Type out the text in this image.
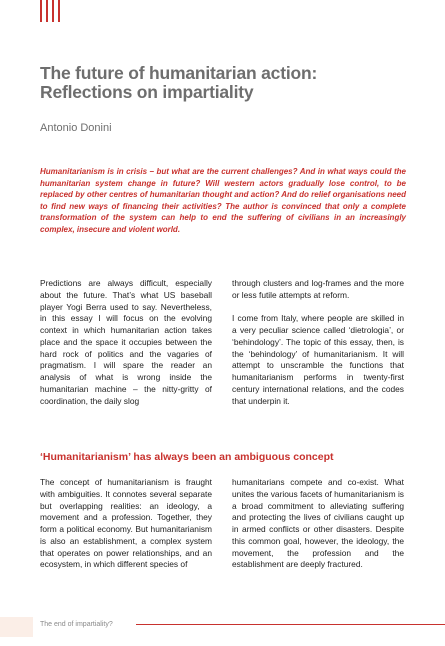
The future of humanitarian action:
Reflections on impartiality

Antonio Donini

Humanitarianism is in crisis – but what are the current challenges? And in what ways could the humanitarian system change in future? Will western actors gradually lose control, to be replaced by other centres of humanitarian thought and action? And do relief organisations need to find new ways of financing their activities? The author is convinced that only a complete transformation of the system can help to end the suffering of civilians in an increasingly complex, insecure and violent world.

Predictions are always difficult, especially about the future. That’s what US baseball player Yogi Berra used to say. Nevertheless, in this essay I will focus on the evolving context in which humanitarian action takes place and the space it occupies between the hard rock of politics and the vagaries of pragmatism. I will spare the reader an analysis of what is wrong inside the humanitarian machine – the nitty-gritty of coordination, the daily slog

through clusters and log-frames and the more or less futile attempts at reform.

I come from Italy, where people are skilled in a very peculiar science called ‘dietrologia’, or ‘behindology’. The topic of this essay, then, is the ‘behindology’ of humanitarianism. It will attempt to unscramble the functions that humanitarianism performs in twenty-first century international relations, and the codes that underpin it.

‘Humanitarianism’ has always been an ambiguous concept

The concept of humanitarianism is fraught with ambiguities. It connotes several separate but overlapping realities: an ideology, a movement and a profession. Together, they form a political economy. But humanitarianism is also an establishment, a complex system that operates on power relationships, and an ecosystem, in which different species of

humanitarians compete and co-exist. What unites the various facets of humanitarianism is a broad commitment to alleviating suffering and protecting the lives of civilians caught up in armed conflicts or other disasters. Despite this common goal, however, the ideology, the movement, the profession and the establishment are deeply fractured.

The end of impartiality?
